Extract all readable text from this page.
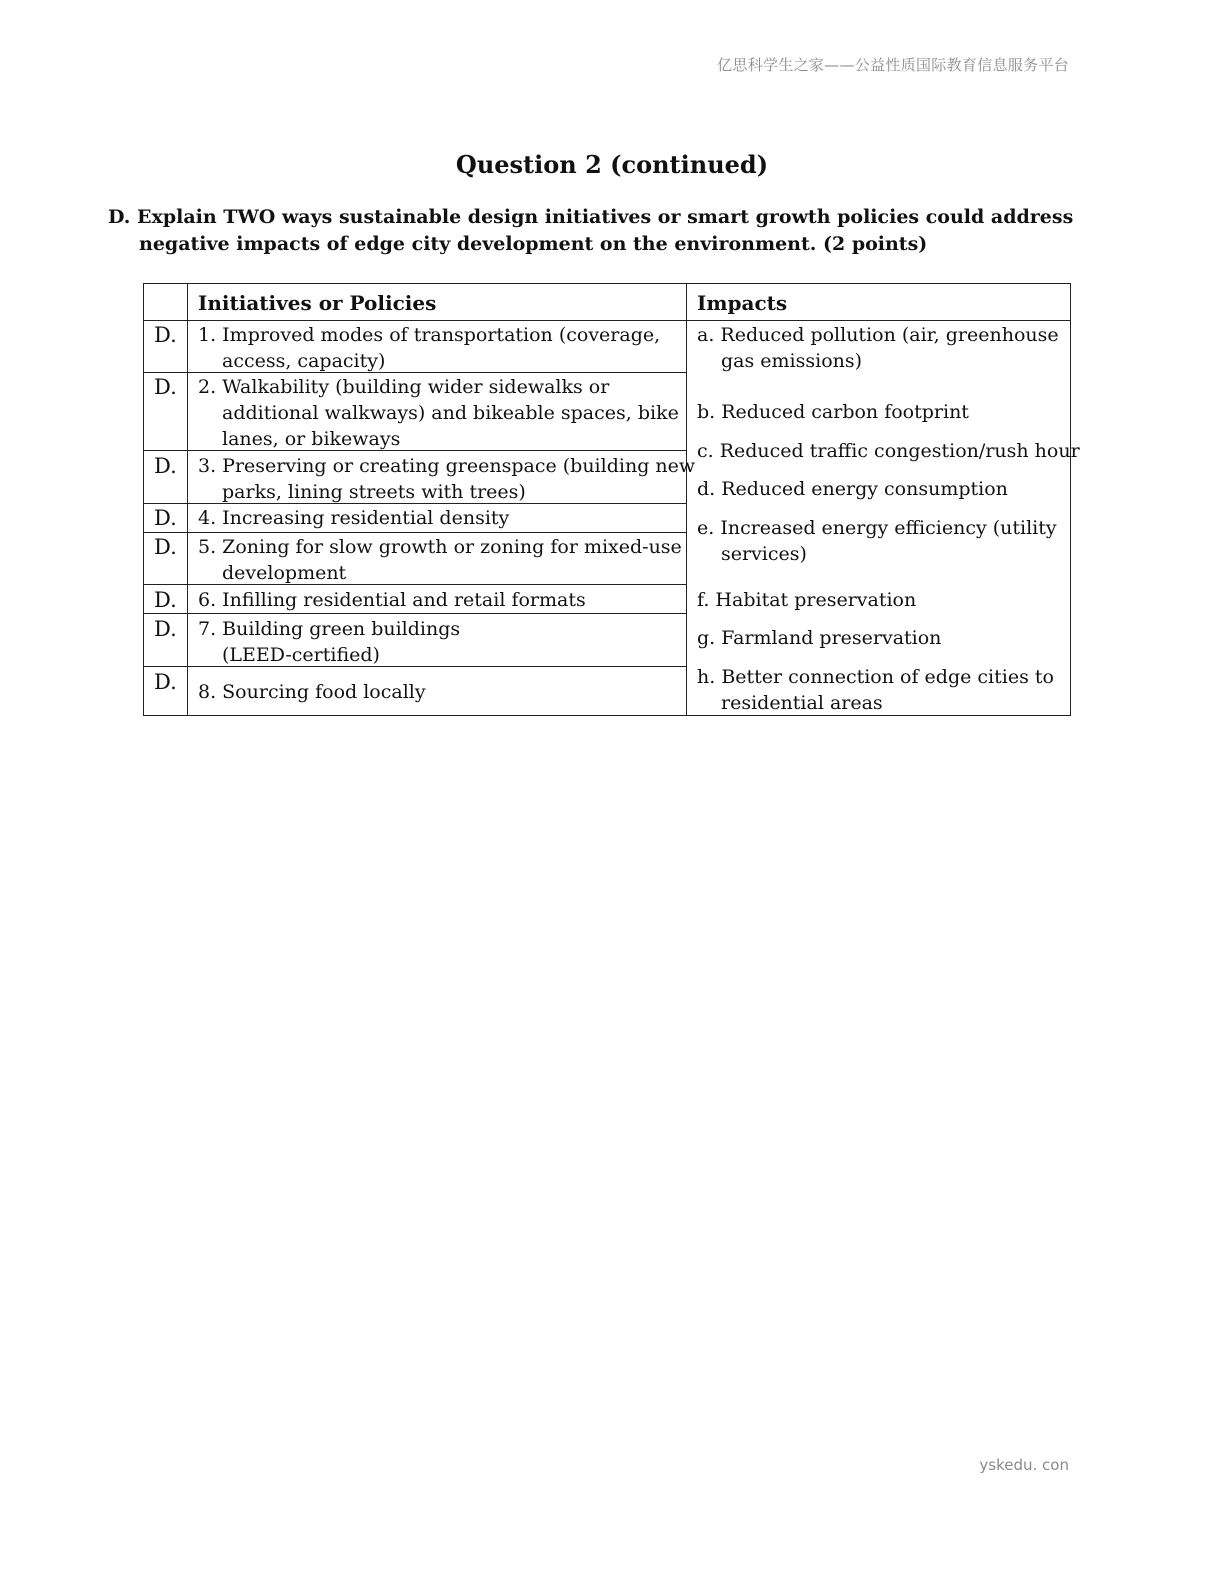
亿思科学生之家——公益性质国际教育信息服务平台
Question 2 (continued)
D. Explain TWO ways sustainable design initiatives or smart growth policies could address
negative impacts of edge city development on the environment. (2 points)
Initiatives or Policies	Impacts
D.
D.
D.
D.
D.
D.
D.
D.
1. Improved modes of transportation (coverage, access, capacity)
2. Walkability (building wider sidewalks or additional walkways) and bikeable spaces, bike lanes, or bikeways
3. Preserving or creating greenspace (building new parks, lining streets with trees)
4. Increasing residential density
5. Zoning for slow growth or zoning for mixed-use development
6. Infilling residential and retail formats
7. Building green buildings (LEED-certified)
8. Sourcing food locally
a. Reduced pollution (air, greenhouse gas emissions)
b. Reduced carbon footprint
c. Reduced traffic congestion/rush hour
d. Reduced energy consumption
e. Increased energy efficiency (utility services)
f. Habitat preservation
g. Farmland preservation
h. Better connection of edge cities to residential areas
yskedu. con
